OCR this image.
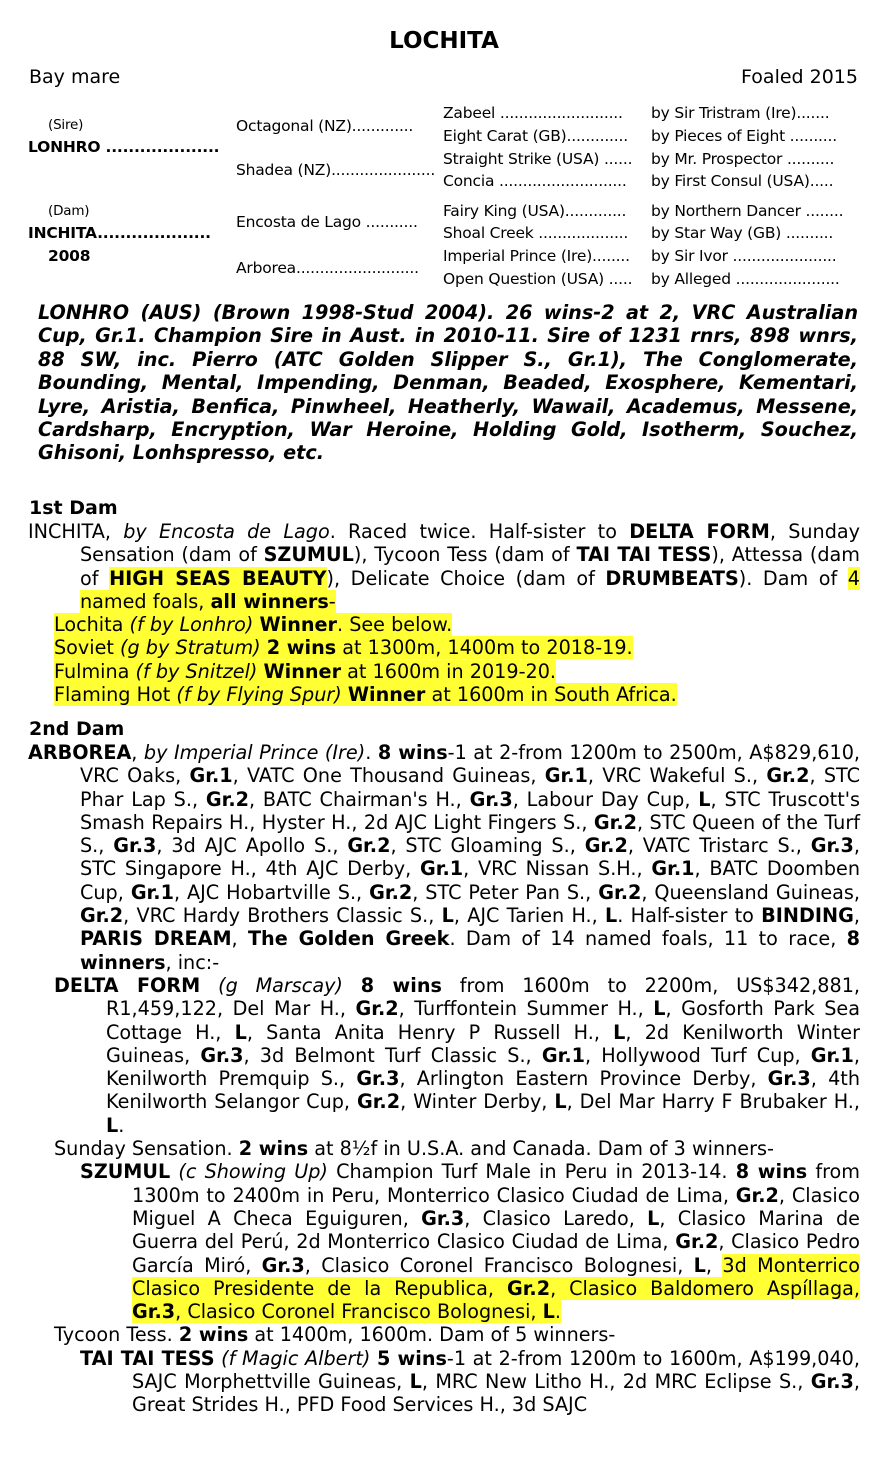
LOCHITA
Bay mare	Foaled 2015
(Sire)
LONHRO ....................
Octagonal (NZ).............
Shadea (NZ)......................
Zabeel .......................... by Sir Tristram (Ire).......
Eight Carat (GB)............. by Pieces of Eight ..........
Straight Strike (USA) ...... by Mr. Prospector ..........
Concia ........................... by First Consul (USA).....
(Dam)
INCHITA....................
2008
Encosta de Lago ...........
Arborea..........................
Fairy King (USA)............. by Northern Dancer ........
Shoal Creek ................... by Star Way (GB) ..........
Imperial Prince (Ire)........ by Sir Ivor ......................
Open Question (USA) ..... by Alleged ......................
LONHRO (AUS) (Brown 1998-Stud 2004). 26 wins-2 at 2, VRC Australian Cup, Gr.1. Champion Sire in Aust. in 2010-11. Sire of 1231 rnrs, 898 wnrs, 88 SW, inc. Pierro (ATC Golden Slipper S., Gr.1), The Conglomerate, Bounding, Mental, Impending, Denman, Beaded, Exosphere, Kementari, Lyre, Aristia, Benfica, Pinwheel, Heatherly, Wawail, Academus, Messene, Cardsharp, Encryption, War Heroine, Holding Gold, Isotherm, Souchez, Ghisoni, Lonhspresso, etc.
1st Dam

INCHITA, by Encosta de Lago. Raced twice. Half-sister to DELTA FORM, Sunday Sensation (dam of SZUMUL), Tycoon Tess (dam of TAI TAI TESS), Attessa (dam of HIGH SEAS BEAUTY), Delicate Choice (dam of DRUMBEATS). Dam of 4 named foals, all winners-

Lochita (f by Lonhro) Winner. See below.

Soviet (g by Stratum) 2 wins at 1300m, 1400m to 2018-19.

Fulmina (f by Snitzel) Winner at 1600m in 2019-20.

Flaming Hot (f by Flying Spur) Winner at 1600m in South Africa.

2nd Dam

ARBOREA, by Imperial Prince (Ire). 8 wins-1 at 2-from 1200m to 2500m, A$829,610, VRC Oaks, Gr.1, VATC One Thousand Guineas, Gr.1, VRC Wakeful S., Gr.2, STC Phar Lap S., Gr.2, BATC Chairman's H., Gr.3, Labour Day Cup, L, STC Truscott's Smash Repairs H., Hyster H., 2d AJC Light Fingers S., Gr.2, STC Queen of the Turf S., Gr.3, 3d AJC Apollo S., Gr.2, STC Gloaming S., Gr.2, VATC Tristarc S., Gr.3, STC Singapore H., 4th AJC Derby, Gr.1, VRC Nissan S.H., Gr.1, BATC Doomben Cup, Gr.1, AJC Hobartville S., Gr.2, STC Peter Pan S., Gr.2, Queensland Guineas, Gr.2, VRC Hardy Brothers Classic S., L, AJC Tarien H., L. Half-sister to BINDING, PARIS DREAM, The Golden Greek. Dam of 14 named foals, 11 to race, 8 winners, inc:-

DELTA FORM (g Marscay) 8 wins from 1600m to 2200m, US$342,881, R1,459,122, Del Mar H., Gr.2, Turffontein Summer H., L, Gosforth Park Sea Cottage H., L, Santa Anita Henry P Russell H., L, 2d Kenilworth Winter Guineas, Gr.3, 3d Belmont Turf Classic S., Gr.1, Hollywood Turf Cup, Gr.1, Kenilworth Premquip S., Gr.3, Arlington Eastern Province Derby, Gr.3, 4th Kenilworth Selangor Cup, Gr.2, Winter Derby, L, Del Mar Harry F Brubaker H., L.

Sunday Sensation. 2 wins at 8½f in U.S.A. and Canada. Dam of 3 winners-

SZUMUL (c Showing Up) Champion Turf Male in Peru in 2013-14. 8 wins from 1300m to 2400m in Peru, Monterrico Clasico Ciudad de Lima, Gr.2, Clasico Miguel A Checa Eguiguren, Gr.3, Clasico Laredo, L, Clasico Marina de Guerra del Perú, 2d Monterrico Clasico Ciudad de Lima, Gr.2, Clasico Pedro García Miró, Gr.3, Clasico Coronel Francisco Bolognesi, L, 3d Monterrico Clasico Presidente de la Republica, Gr.2, Clasico Baldomero Aspíllaga, Gr.3, Clasico Coronel Francisco Bolognesi, L.

Tycoon Tess. 2 wins at 1400m, 1600m. Dam of 5 winners-

TAI TAI TESS (f Magic Albert) 5 wins-1 at 2-from 1200m to 1600m, A$199,040, SAJC Morphettville Guineas, L, MRC New Litho H., 2d MRC Eclipse S., Gr.3, Great Strides H., PFD Food Services H., 3d SAJC
